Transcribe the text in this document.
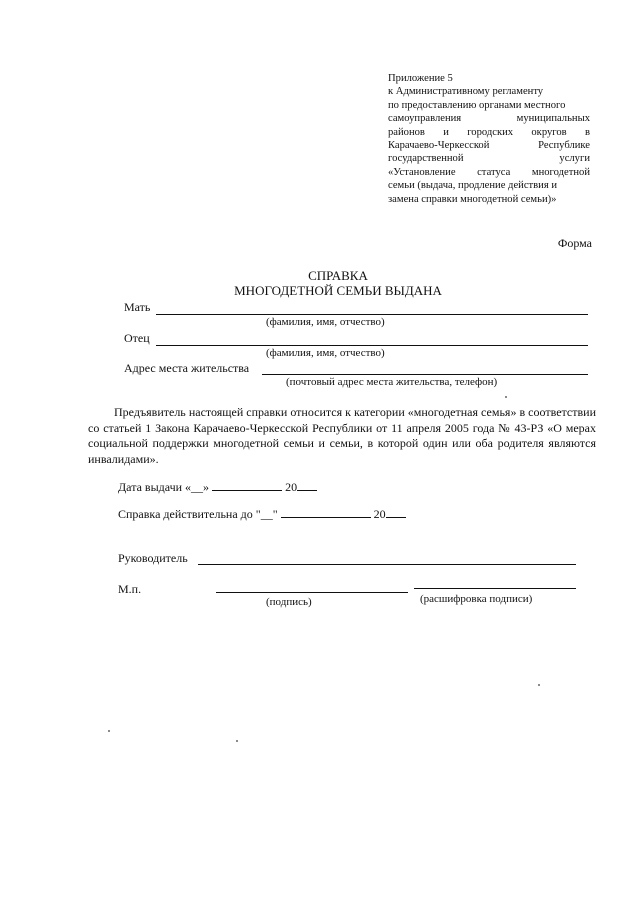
Приложение 5
к Административному регламенту
по предоставлению органами местного
самоуправления	муниципальных
районов и городских округов в
Карачаево-Черкесской	Республике
государственной	услуги
«Установление статуса многодетной
семьи (выдача, продление действия и
замена справки многодетной семьи)»
Форма
СПРАВКА
МНОГОДЕТНОЙ СЕМЬИ ВЫДАНА
Мать
(фамилия, имя, отчество)
Отец
(фамилия, имя, отчество)
Адрес места жительства
(почтовый адрес места жительства, телефон)
Предъявитель настоящей справки относится к категории «многодетная семья» в соответствии со статьей 1 Закона Карачаево-Черкесской Республики от 11 апреля 2005 года № 43-РЗ «О мерах социальной поддержки многодетной семьи и семьи, в которой один или оба родителя являются инвалидами».
Дата выдачи «__»	20
Справка действительна до "__"	20
Руководитель
М.п.
(подпись)	(расшифровка подписи)
